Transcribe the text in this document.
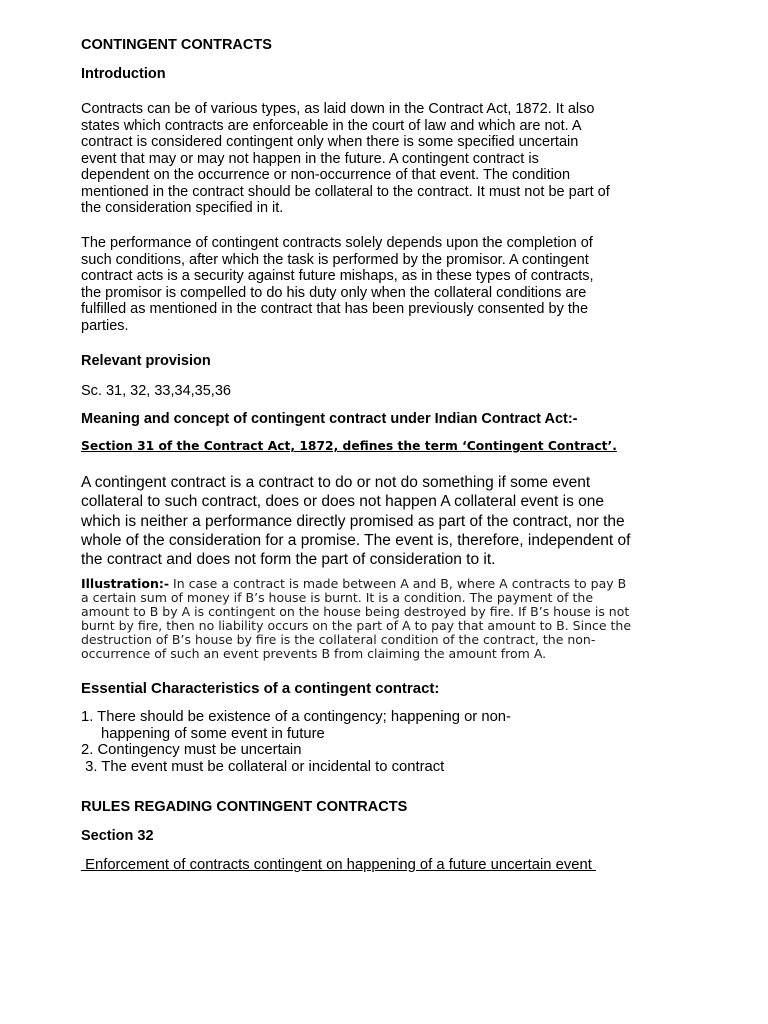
CONTINGENT CONTRACTS
Introduction
Contracts can be of various types, as laid down in the Contract Act, 1872. It also
states which contracts are enforceable in the court of law and which are not. A
contract is considered contingent only when there is some specified uncertain
event that may or may not happen in the future. A contingent contract is
dependent on the occurrence or non-occurrence of that event. The condition
mentioned in the contract should be collateral to the contract. It must not be part of
the consideration specified in it.
The performance of contingent contracts solely depends upon the completion of
such conditions, after which the task is performed by the promisor. A contingent
contract acts is a security against future mishaps, as in these types of contracts,
the promisor is compelled to do his duty only when the collateral conditions are
fulfilled as mentioned in the contract that has been previously consented by the
parties.
Relevant provision
Sc. 31, 32, 33,34,35,36
Meaning and concept of contingent contract under Indian Contract Act:-
Section 31 of the Contract Act, 1872, defines the term ‘Contingent Contract’.
A contingent contract is a contract to do or not do something if some event
collateral to such contract, does or does not happen A collateral event is one
which is neither a performance directly promised as part of the contract, nor the
whole of the consideration for a promise. The event is, therefore, independent of
the contract and does not form the part of consideration to it.
Illustration:- In case a contract is made between A and B, where A contracts to pay B
a certain sum of money if B’s house is burnt. It is a condition. The payment of the
amount to B by A is contingent on the house being destroyed by fire. If B’s house is not
burnt by fire, then no liability occurs on the part of A to pay that amount to B. Since the
destruction of B’s house by fire is the collateral condition of the contract, the non-
occurrence of such an event prevents B from claiming the amount from A.
Essential Characteristics of a contingent contract:
1. There should be existence of a contingency; happening or non-
happening of some event in future
2. Contingency must be uncertain
3. The event must be collateral or incidental to contract
RULES REGADING CONTINGENT CONTRACTS
Section 32
Enforcement of contracts contingent on happening of a future uncertain event
